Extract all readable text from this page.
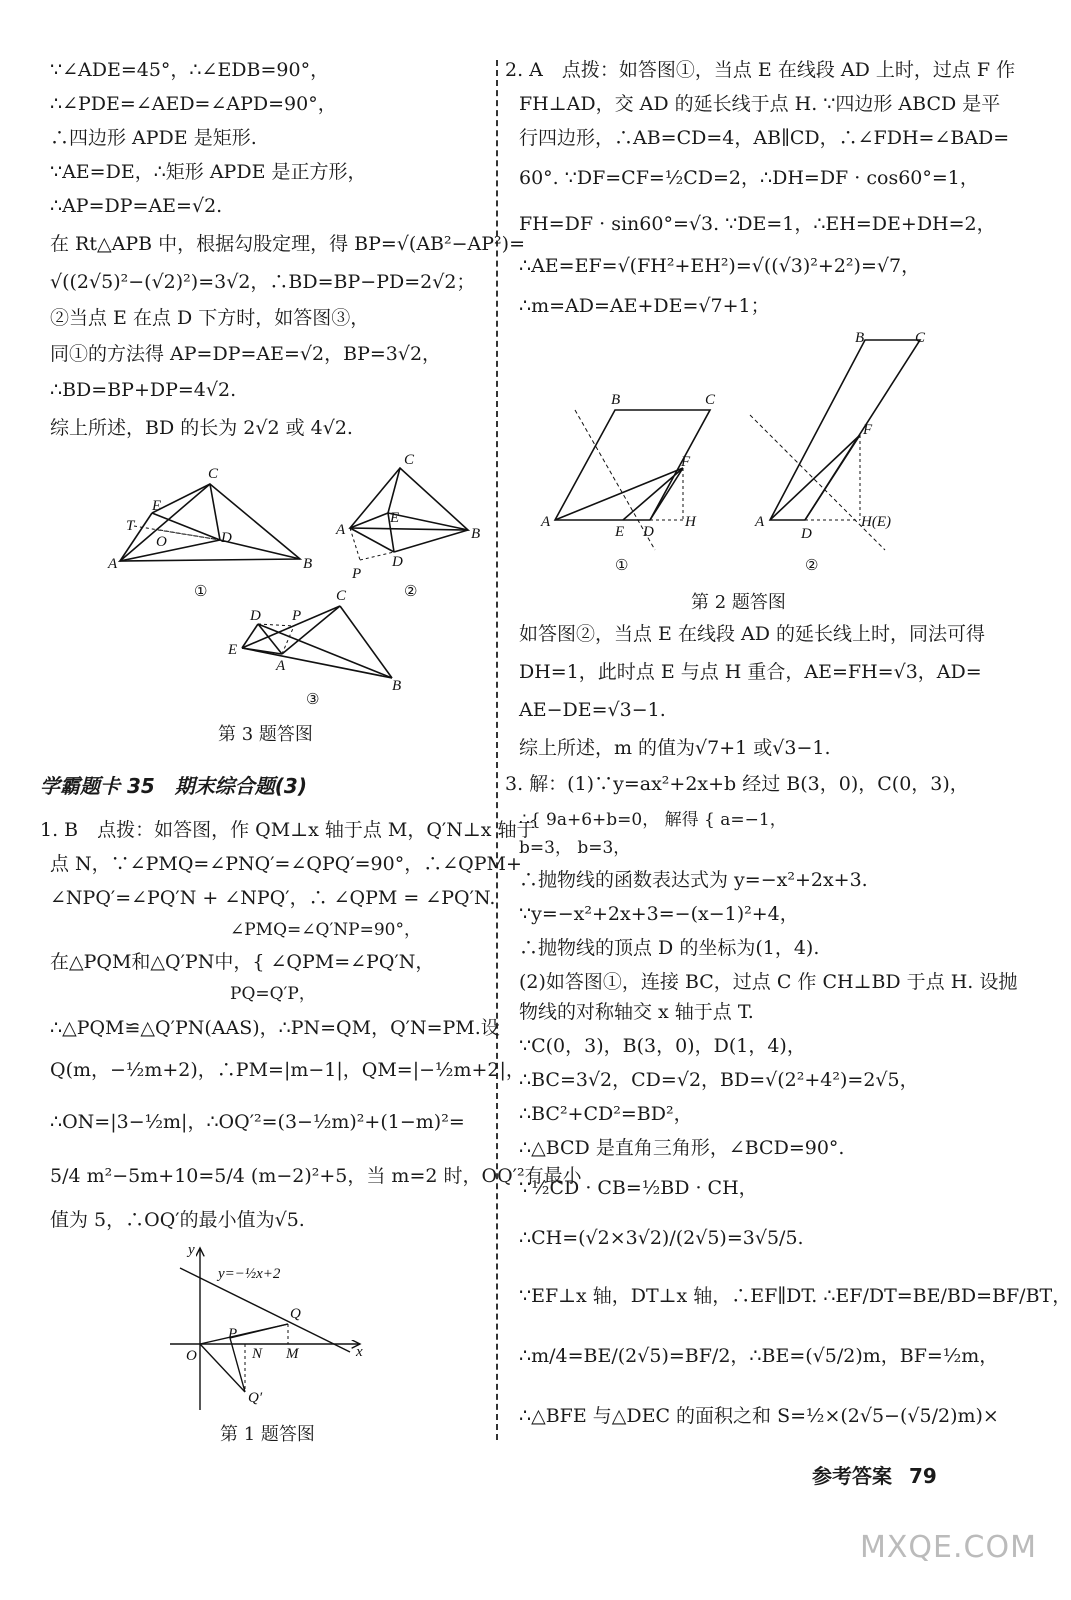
∵∠ADE=45°，∴∠EDB=90°，
∴∠PDE=∠AED=∠APD=90°，
∴四边形 APDE 是矩形.
∵AE=DE，∴矩形 APDE 是正方形，
∴AP=DP=AE=√2.
在 Rt△APB 中，根据勾股定理，得 BP=√(AB²−AP²)=
√((2√5)²−(√2)²)=3√2，∴BD=BP−PD=2√2；
②当点 E 在点 D 下方时，如答图③，
同①的方法得 AP=DP=AE=√2，BP=3√2，
∴BD=BP+DP=4√2.
综上所述，BD 的长为 2√2 或 4√2.
A	B
C
D
E
T
O
①
A	B
C
E
D
P
②
E
A
B
C
D P
③
第 3 题答图
学霸题卡 35　期末综合题(3)
1. B　点拨：如答图，作 QM⊥x 轴于点 M，Q′N⊥x 轴于
点 N，∵∠PMQ=∠PNQ′=∠QPQ′=90°，∴∠QPM+
∠NPQ′=∠PQ′N + ∠NPQ′，∴ ∠QPM = ∠PQ′N.
∠PMQ=∠Q′NP=90°，
在△PQM和△Q′PN中，{ ∠QPM=∠PQ′N，
PQ=Q′P，
∴△PQM≌△Q′PN(AAS)，∴PN=QM，Q′N=PM.设
Q(m，−½m+2)，∴PM=|m−1|，QM=|−½m+2|，
∴ON=|3−½m|，∴OQ′²=(3−½m)²+(1−m)²=
5/4 m²−5m+10=5/4 (m−2)²+5，当 m=2 时，OQ′²有最小
值为 5，∴OQ′的最小值为√5.
y
x
O
P
Q
N M
Q′
y=−½x+2
第 1 题答图
2. A　点拨：如答图①，当点 E 在线段 AD 上时，过点 F 作
FH⊥AD，交 AD 的延长线于点 H. ∵四边形 ABCD 是平
行四边形，∴AB=CD=4，AB∥CD，∴∠FDH=∠BAD=
60°. ∵DF=CF=½CD=2，∴DH=DF · cos60°=1，
FH=DF · sin60°=√3. ∵DE=1，∴EH=DE+DH=2，
∴AE=EF=√(FH²+EH²)=√((√3)²+2²)=√7，
∴m=AD=AE+DE=√7+1；
A
B	C
D
E
F
H
①
A
B	C
D
F
H(E)
②
第 2 题答图
如答图②，当点 E 在线段 AD 的延长线上时，同法可得
DH=1，此时点 E 与点 H 重合，AE=FH=√3，AD=
AE−DE=√3−1.
综上所述，m 的值为√7+1 或√3−1.
3. 解：(1)∵y=ax²+2x+b 经过 B(3，0)，C(0，3)，
∴{ 9a+6+b=0， 解得 { a=−1，
b=3， b=3，
∴抛物线的函数表达式为 y=−x²+2x+3.
∵y=−x²+2x+3=−(x−1)²+4，
∴抛物线的顶点 D 的坐标为(1，4).
(2)如答图①，连接 BC，过点 C 作 CH⊥BD 于点 H. 设抛
物线的对称轴交 x 轴于点 T.
∵C(0，3)，B(3，0)，D(1，4)，
∴BC=3√2，CD=√2，BD=√(2²+4²)=2√5，
∴BC²+CD²=BD²，
∴△BCD 是直角三角形，∠BCD=90°.
∵½CD · CB=½BD · CH，
∴CH=(√2×3√2)/(2√5)=3√5/5.
∵EF⊥x 轴，DT⊥x 轴，∴EF∥DT. ∴EF/DT=BE/BD=BF/BT，
∴m/4=BE/(2√5)=BF/2，∴BE=(√5/2)m，BF=½m，
∴△BFE 与△DEC 的面积之和 S=½×(2√5−(√5/2)m)×
参考答案 79
MXQE.COM
